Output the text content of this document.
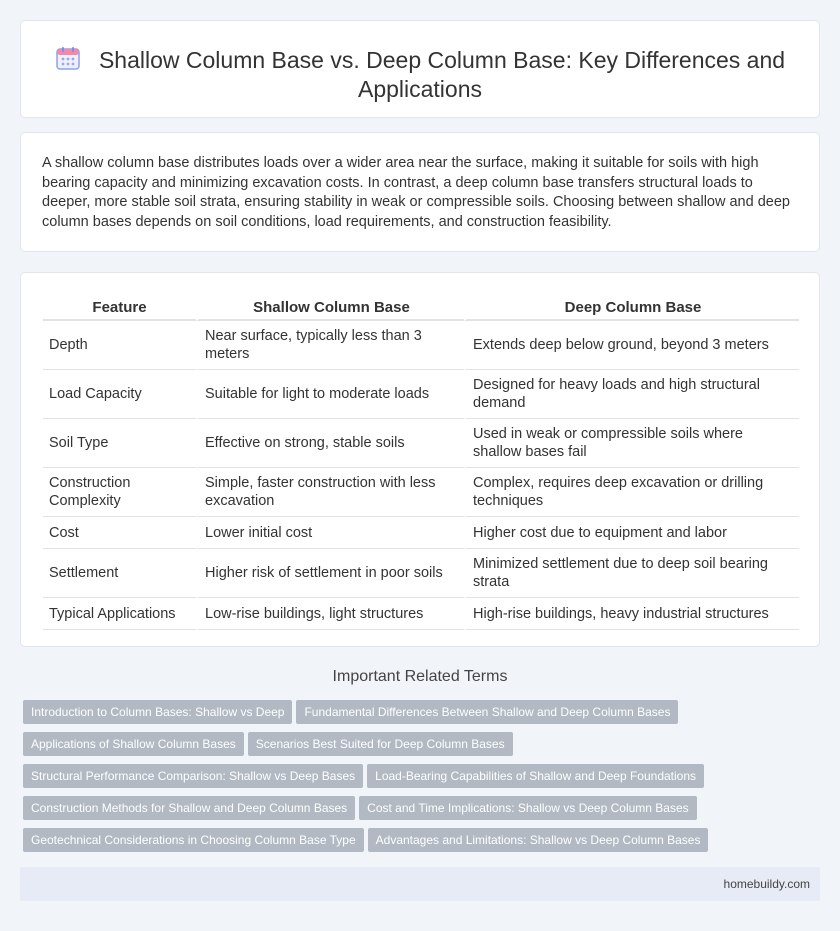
Shallow Column Base vs. Deep Column Base: Key Differences and Applications

A shallow column base distributes loads over a wider area near the surface, making it suitable for soils with high bearing capacity and minimizing excavation costs. In contrast, a deep column base transfers structural loads to deeper, more stable soil strata, ensuring stability in weak or compressible soils. Choosing between shallow and deep column bases depends on soil conditions, load requirements, and construction feasibility.

Feature	Shallow Column Base	Deep Column Base
Depth	Near surface, typically less than 3 meters	Extends deep below ground, beyond 3 meters
Load Capacity	Suitable for light to moderate loads	Designed for heavy loads and high structural demand
Soil Type	Effective on strong, stable soils	Used in weak or compressible soils where shallow bases fail
Construction Complexity	Simple, faster construction with less excavation	Complex, requires deep excavation or drilling techniques
Cost	Lower initial cost	Higher cost due to equipment and labor
Settlement	Higher risk of settlement in poor soils	Minimized settlement due to deep soil bearing strata
Typical Applications	Low-rise buildings, light structures	High-rise buildings, heavy industrial structures
Important Related Terms
Introduction to Column Bases: Shallow vs Deep Fundamental Differences Between Shallow and Deep Column Bases
Applications of Shallow Column Bases Scenarios Best Suited for Deep Column Bases
Structural Performance Comparison: Shallow vs Deep Bases Load-Bearing Capabilities of Shallow and Deep Foundations
Construction Methods for Shallow and Deep Column Bases Cost and Time Implications: Shallow vs Deep Column Bases
Geotechnical Considerations in Choosing Column Base Type Advantages and Limitations: Shallow vs Deep Column Bases
homebuildy.com
